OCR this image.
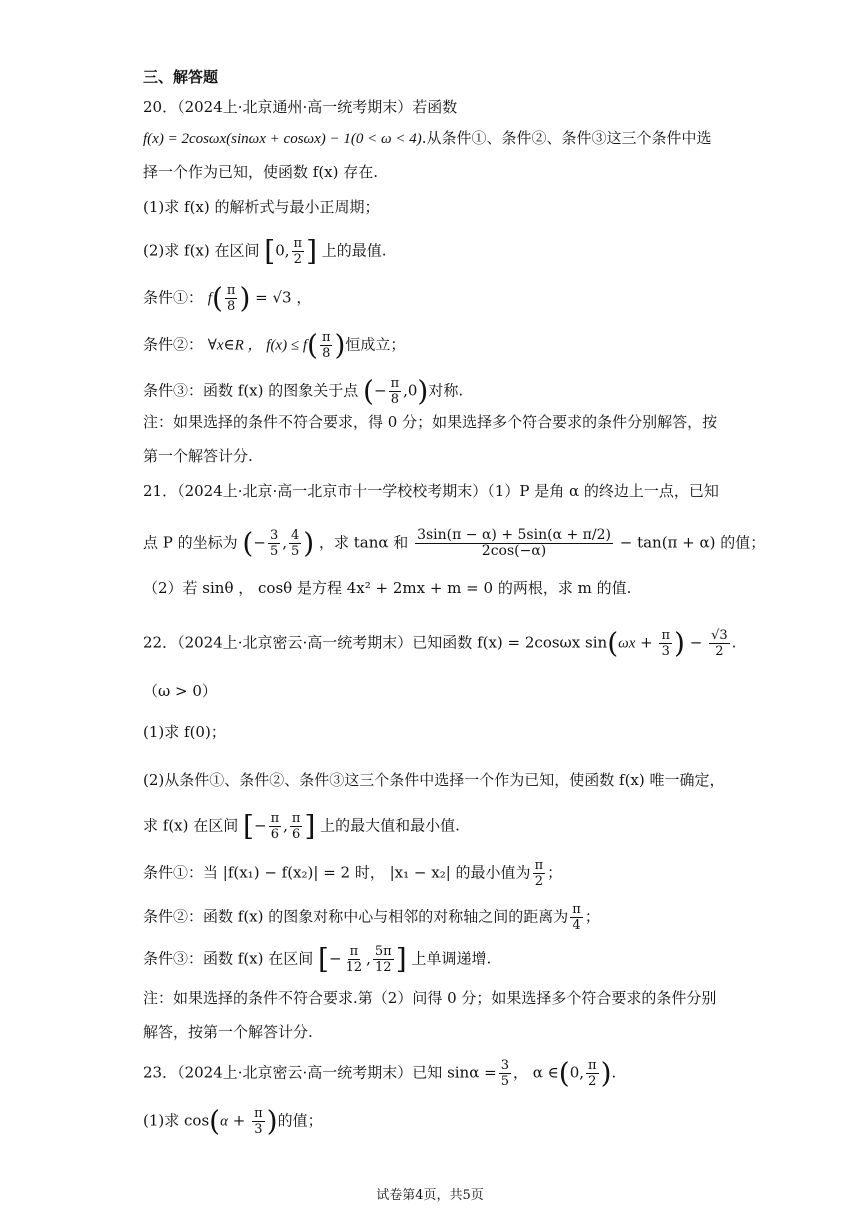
三、解答题
20．（2024上·北京通州·高一统考期末）若函数
f(x) = 2cosωx(sinωx + cosωx) − 1(0 < ω < 4).从条件①、条件②、条件③这三个条件中选
择一个作为已知，使函数 f(x) 存在.
(1)求 f(x) 的解析式与最小正周期；
(2)求 f(x) 在区间 [0, $\frac{\pi}{2}$ ] 上的最值.
条件①： $f( \frac{\pi}{8}$ ) = √3 ，
条件②： ∀x∈R ， $f(x) \le f( \frac{\pi}{8}$ )恒成立；
条件③：函数 f(x) 的图象关于点 (− $\frac{\pi}{8} ,0$)对称.
注：如果选择的条件不符合要求，得 0 分；如果选择多个符合要求的条件分别解答，按
第一个解答计分.
21．（2024上·北京·高一北京市十一学校校考期末）（1）P 是角 α 的终边上一点，已知
点 P 的坐标为 (− $\frac{3}{5}$ , $\frac{4}{5}$ ) ，求 tanα 和 $\frac{3\sin(\pi - \alpha) + 5\sin(\alpha + \pi/2)}{2\cos(-\alpha)} - \tan(\pi + \alpha)$ 的值；
（2）若 sinθ ， cosθ 是方程 4x² + 2mx + m = 0 的两根，求 m 的值.
22．（2024上·北京密云·高一统考期末）已知函数 f(x) = 2cosωx $\sin(\omega x + \frac{\pi}{3}$ ) − $\frac{√3}{2}$ .
（ω > 0）
(1)求 f(0)；
(2)从条件①、条件②、条件③这三个条件中选择一个作为已知，使函数 f(x) 唯一确定，
求 f(x) 在区间 [− $\frac{\pi}{6}$ , $\frac{\pi}{6}$ ] 上的最大值和最小值.
条件①：当 |f(x₁) − f(x₂)| = 2 时， |x₁ − x₂| 的最小值为 $\frac{\pi}{2}$ ；
条件②：函数 f(x) 的图象对称中心与相邻的对称轴之间的距离为 $\frac{\pi}{4}$ ；
条件③：函数 f(x) 在区间 [− $\frac{\pi}{12}$ , $\frac{5\pi}{12}$ ] 上单调递增.
注：如果选择的条件不符合要求.第（2）问得 0 分；如果选择多个符合要求的条件分别
解答，按第一个解答计分.
23．（2024上·北京密云·高一统考期末）已知 $\sin\alpha = \frac{3}{5}$ ， α ∈(0, $\frac{\pi}{2}$ ).
(1)求 $\cos(\alpha + \frac{\pi}{3}$ )的值；
试卷第4页，共5页
